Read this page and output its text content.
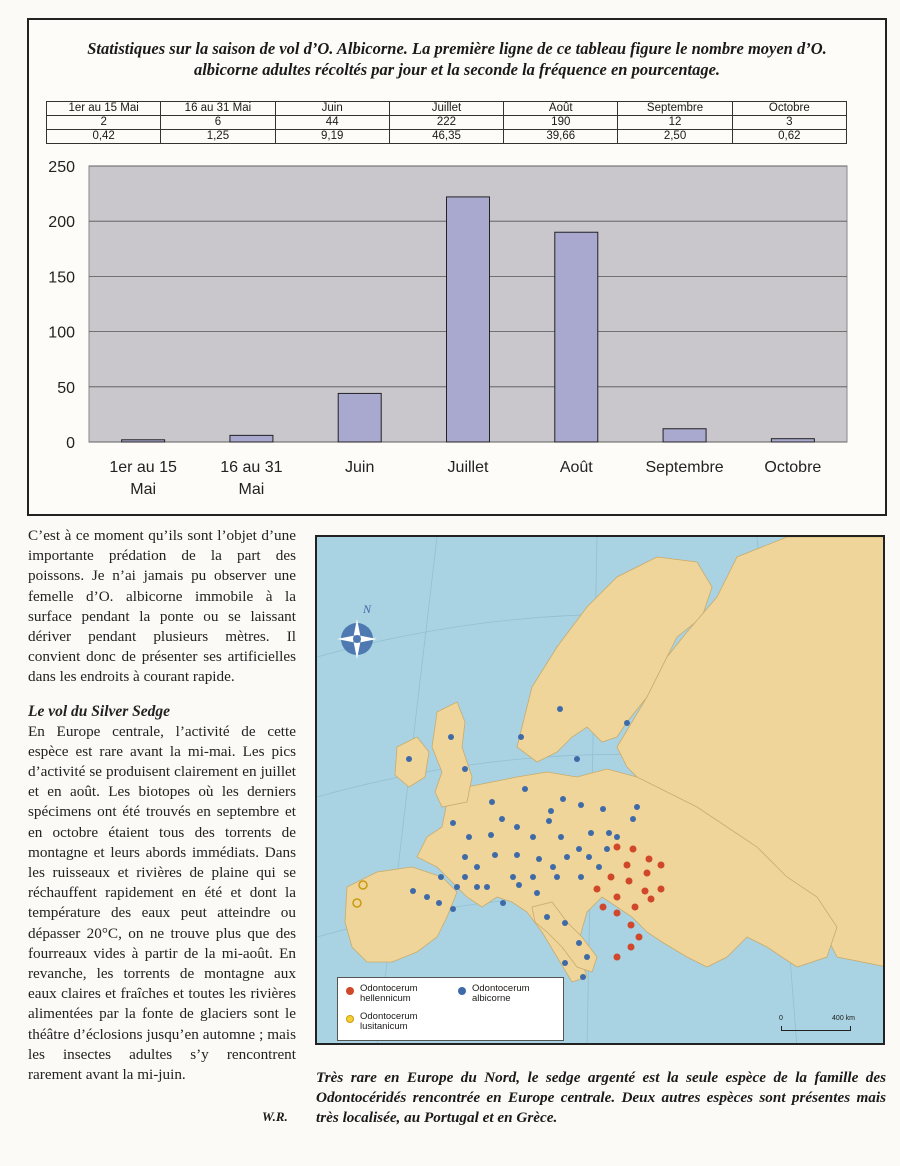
Statistiques sur la saison de vol d’O. Albicorne. La première ligne de ce tableau figure le nombre moyen d’O. albicorne adultes récoltés par jour et la seconde la fréquence en pourcentage.
1er au 15 Mai	16 au 31 Mai	Juin	Juillet	Août	Septembre	Octobre
2	6	44	222	190	12	3
0,42	1,25	9,19	46,35	39,66	2,50	0,62
0
50
100
150
200
250
1er au 15
Mai
16 au 31
Mai
Juin	Juillet	Août	Septembre	Octobre

C’est à ce moment qu’ils sont l’objet d’une importante prédation de la part des poissons. Je n’ai jamais pu observer une femelle d’O. albicorne immobile à la surface pendant la ponte ou se laissant dériver pendant plusieurs mètres. Il convient donc de présenter ses artificielles dans les endroits à courant rapide.

Le vol du Silver Sedge

En Europe centrale, l’activité de cette espèce est rare avant la mi-mai. Les pics d’activité se produisent clairement en juillet et en août. Les biotopes où les derniers spécimens ont été trouvés en septembre et en octobre étaient tous des torrents de montagne et leurs abords immédiats. Dans les ruisseaux et rivières de plaine qui se réchauffent rapidement en été et dont la température des eaux peut atteindre ou dépasser 20°C, on ne trouve plus que des fourreaux vides à partir de la mi-août. En revanche, les torrents de montagne aux eaux claires et fraîches et toutes les rivières alimentées par la fonte de glaciers sont le théâtre d’éclosions jusqu’en automne ; mais les insectes adultes s’y rencontrent rarement avant la mi-juin.

W.R.
N
Odontocerum hellennicum
Odontocerum albicorne
Odontocerum lusitanicum
0	400 km
Très rare en Europe du Nord, le sedge argenté est la seule espèce de la famille des Odontocéridés rencontrée en Europe centrale. Deux autres espèces sont présentes mais très localisée, au Portugal et en Grèce.
